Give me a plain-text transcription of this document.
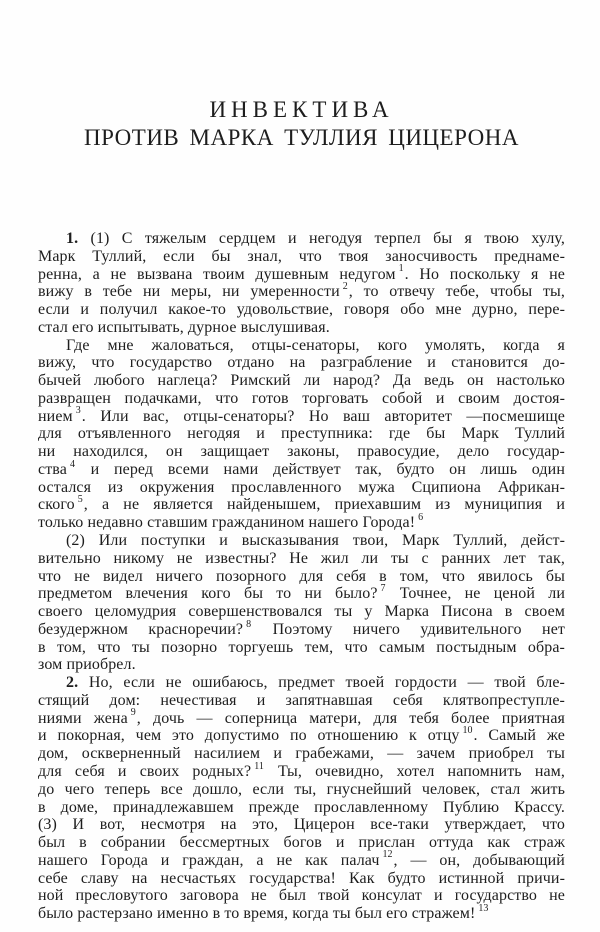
ИНВЕКТИВА
ПРОТИВ МАРКА ТУЛЛИЯ ЦИЦЕРОНА

1. (1) С тяжелым сердцем и негодуя терпел бы я твою хулу,
Марк Туллий, если бы знал, что твоя заносчивость преднаме-
ренна, а не вызвана твоим душевным недугом $^1$. Но поскольку я не
вижу в тебе ни меры, ни умеренности $^2$, то отвечу тебе, чтобы ты,
если и получил какое-то удовольствие, говоря обо мне дурно, пере-
стал его испытывать, дурное выслушивая.

Где мне жаловаться, отцы-сенаторы, кого умолять, когда я
вижу, что государство отдано на разграбление и становится до-
бычей любого наглеца? Римский ли народ? Да ведь он настолько
развращен подачками, что готов торговать собой и своим достоя-
нием $^3$. Или вас, отцы-сенаторы? Но ваш авторитет —посмешище
для отъявленного негодяя и преступника: где бы Марк Туллий
ни находился, он защищает законы, правосудие, дело государ-
ства $^4$ и перед всеми нами действует так, будто он лишь один
остался из окружения прославленного мужа Сципиона Африкан-
ского $^5$, а не является найденышем, приехавшим из муниципия и
только недавно ставшим гражданином нашего Города! $^6$

(2) Или поступки и высказывания твои, Марк Туллий, дейст-
вительно никому не известны? Не жил ли ты с ранних лет так,
что не видел ничего позорного для себя в том, что явилось бы
предметом влечения кого бы то ни было? $^7$ Точнее, не ценой ли
своего целомудрия совершенствовался ты у Марка Писона в своем
безудержном красноречии? $^8$ Поэтому ничего удивительного нет
в том, что ты позорно торгуешь тем, что самым постыдным обра-
зом приобрел.

2. Но, если не ошибаюсь, предмет твоей гордости — твой бле-
стящий дом: нечестивая и запятнавшая себя клятвопреступле-
ниями жена $^9$, дочь — соперница матери, для тебя более приятная
и покорная, чем это допустимо по отношению к отцу $^{10}$. Самый же
дом, оскверненный насилием и грабежами, — зачем приобрел ты
для себя и своих родных? $^{11}$ Ты, очевидно, хотел напомнить нам,
до чего теперь все дошло, если ты, гнуснейший человек, стал жить
в доме, принадлежавшем прежде прославленному Публию Крассу.
(3) И вот, несмотря на это, Цицерон все-таки утверждает, что
был в собрании бессмертных богов и прислан оттуда как страж
нашего Города и граждан, а не как палач $^{12}$, — он, добывающий
себе славу на несчастьях государства! Как будто истинной причи-
ной пресловутого заговора не был твой консулат и государство не
было растерзано именно в то время, когда ты был его стражем! $^{13}$
